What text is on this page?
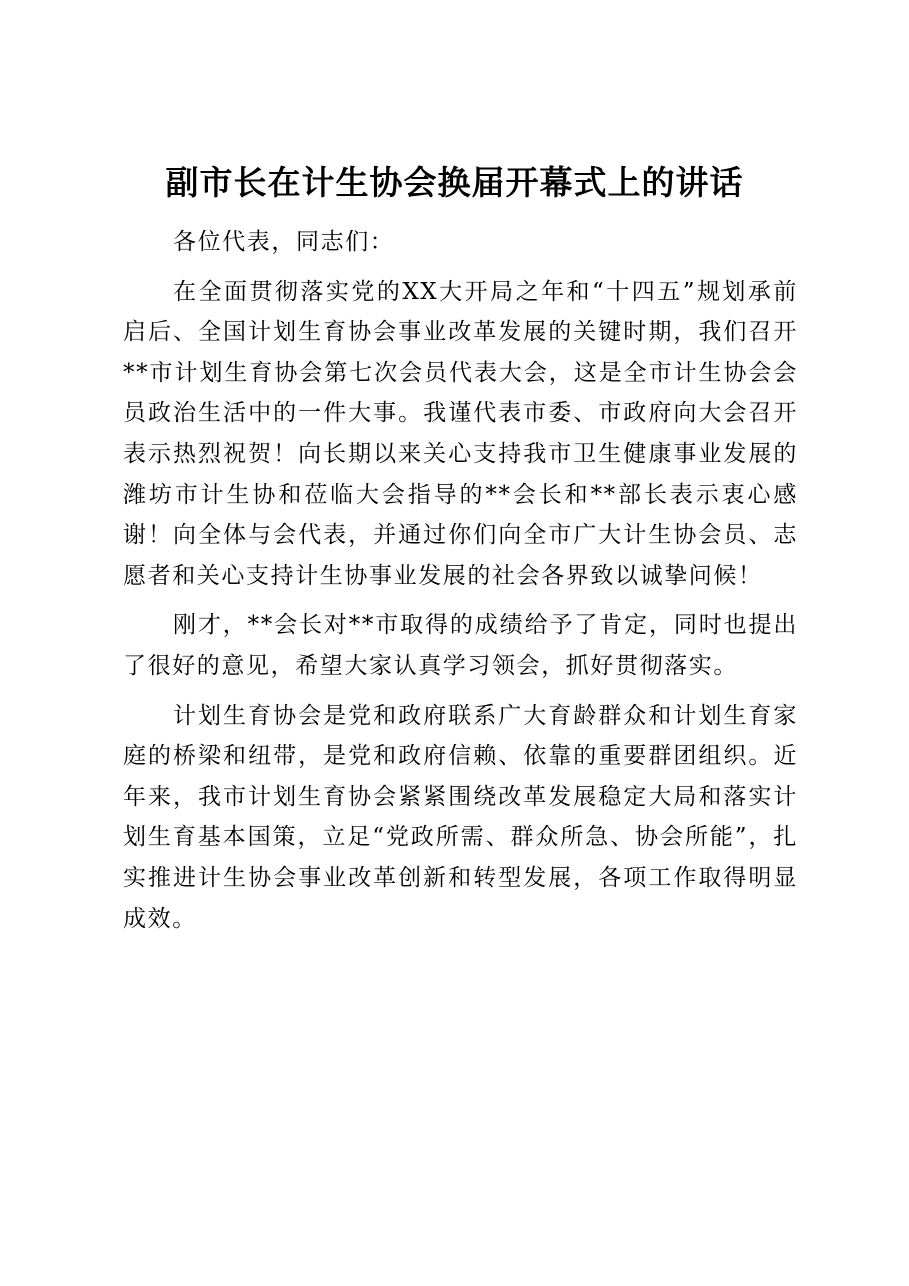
副市长在计生协会换届开幕式上的讲话

各位代表，同志们：

在全面贯彻落实党的XX大开局之年和“十四五”规划承前启后、全国计划生育协会事业改革发展的关键时期，我们召开**市计划生育协会第七次会员代表大会，这是全市计生协会会员政治生活中的一件大事。我谨代表市委、市政府向大会召开表示热烈祝贺！向长期以来关心支持我市卫生健康事业发展的潍坊市计生协和莅临大会指导的**会长和**部长表示衷心感谢！向全体与会代表，并通过你们向全市广大计生协会员、志愿者和关心支持计生协事业发展的社会各界致以诚挚问候！

刚才，**会长对**市取得的成绩给予了肯定，同时也提出了很好的意见，希望大家认真学习领会，抓好贯彻落实。

计划生育协会是党和政府联系广大育龄群众和计划生育家庭的桥梁和纽带，是党和政府信赖、依靠的重要群团组织。近年来，我市计划生育协会紧紧围绕改革发展稳定大局和落实计划生育基本国策，立足“党政所需、群众所急、协会所能”，扎实推进计生协会事业改革创新和转型发展，各项工作取得明显成效。
